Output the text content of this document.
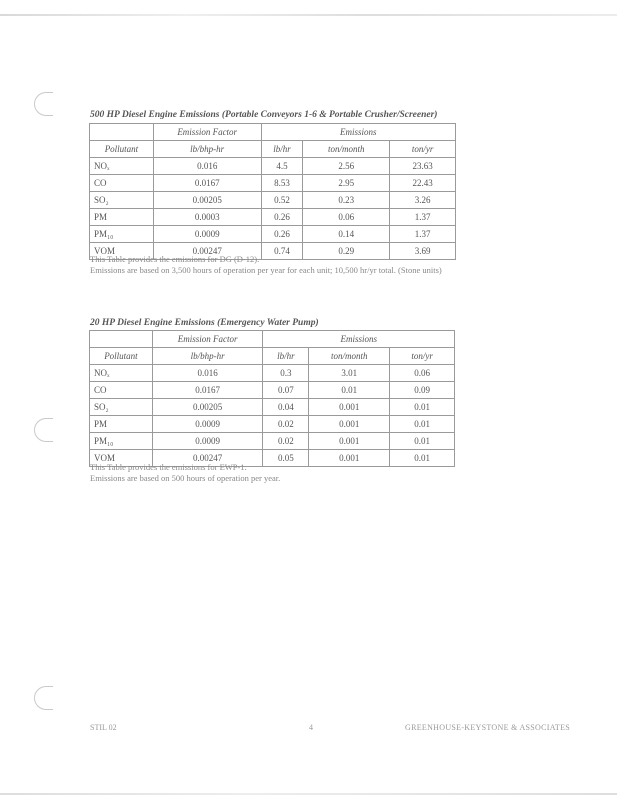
500 HP Diesel Engine Emissions (Portable Conveyors 1-6 & Portable Crusher/Screener)
	Emission Factor	Emissions		
Pollutant	lb/bhp-hr	lb/hr	ton/month	ton/yr
NOₓ	0.016	4.5	2.56	23.63
CO	0.0167	8.53	2.95	22.43
SO₂	0.00205	0.52	0.23	3.26
PM	0.0003	0.26	0.06	1.37
PM₁₀	0.0009	0.26	0.14	1.37
VOM	0.00247	0.74	0.29	3.69
This Table provides the emissions for DG (D-12).
Emissions are based on 3,500 hours of operation per year for each unit; 10,500 hr/yr total. (Stone units)
20 HP Diesel Engine Emissions (Emergency Water Pump)
	Emission Factor	Emissions		
Pollutant	lb/bhp-hr	lb/hr	ton/month	ton/yr
NOₓ	0.016	0.3	3.01	0.06
CO	0.0167	0.07	0.01	0.09
SO₂	0.00205	0.04	0.001	0.01
PM	0.0009	0.02	0.001	0.01
PM₁₀	0.0009	0.02	0.001	0.01
VOM	0.00247	0.05	0.001	0.01
This Table provides the emissions for EWP-1.
Emissions are based on 500 hours of operation per year.
STIL 02	4	GREENHOUSE-KEYSTONE & ASSOCIATES
